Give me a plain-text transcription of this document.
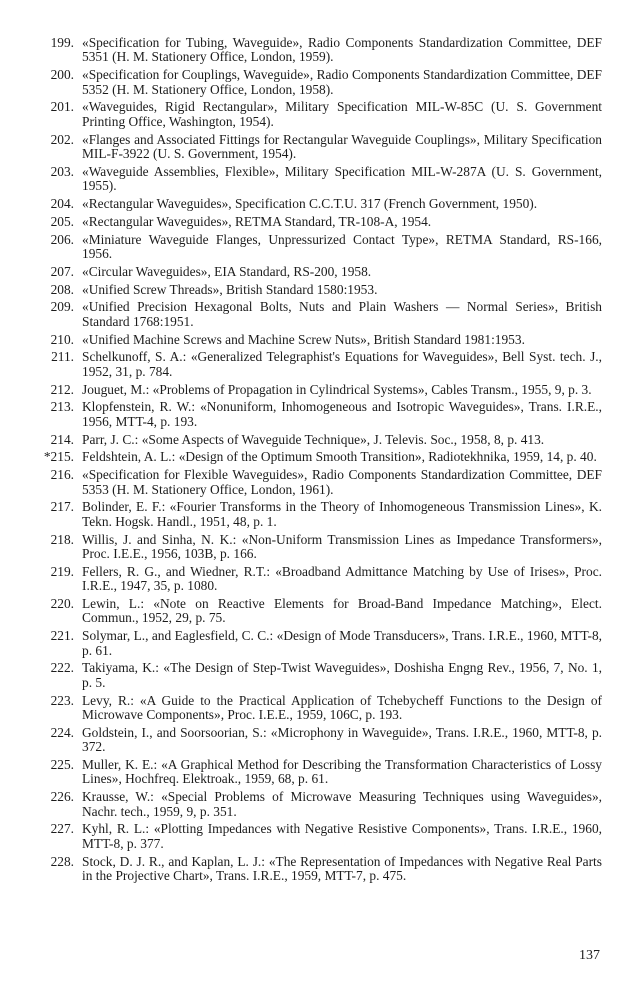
199. «Specification for Tubing, Waveguide», Radio Components Standardization Committee, DEF 5351 (H. M. Stationery Office, London, 1959).
200. «Specification for Couplings, Waveguide», Radio Components Standardization Committee, DEF 5352 (H. M. Stationery Office, London, 1958).
201. «Waveguides, Rigid Rectangular», Military Specification MIL-W-85C (U. S. Government Printing Office, Washington, 1954).
202. «Flanges and Associated Fittings for Rectangular Waveguide Couplings», Military Specification MIL-F-3922 (U. S. Government, 1954).
203. «Waveguide Assemblies, Flexible», Military Specification MIL-W-287A (U. S. Government, 1955).
204. «Rectangular Waveguides», Specification C.C.T.U. 317 (French Government, 1950).
205. «Rectangular Waveguides», RETMA Standard, TR-108-A, 1954.
206. «Miniature Waveguide Flanges, Unpressurized Contact Type», RETMA Standard, RS-166, 1956.
207. «Circular Waveguides», EIA Standard, RS-200, 1958.
208. «Unified Screw Threads», British Standard 1580:1953.
209. «Unified Precision Hexagonal Bolts, Nuts and Plain Washers — Normal Series», British Standard 1768:1951.
210. «Unified Machine Screws and Machine Screw Nuts», British Standard 1981:1953.
211. Schelkunoff, S. A.: «Generalized Telegraphist's Equations for Waveguides», Bell Syst. tech. J., 1952, 31, p. 784.
212. Jouguet, M.: «Problems of Propagation in Cylindrical Systems», Cables Transm., 1955, 9, p. 3.
213. Klopfenstein, R. W.: «Nonuniform, Inhomogeneous and Isotropic Waveguides», Trans. I.R.E., 1956, MTT-4, p. 193.
214. Parr, J. C.: «Some Aspects of Waveguide Technique», J. Televis. Soc., 1958, 8, p. 413.
*215. Feldshtein, A. L.: «Design of the Optimum Smooth Transition», Radiotekhnika, 1959, 14, p. 40.
216. «Specification for Flexible Waveguides», Radio Components Standardization Committee, DEF 5353 (H. M. Stationery Office, London, 1961).
217. Bolinder, E. F.: «Fourier Transforms in the Theory of Inhomogeneous Transmission Lines», K. Tekn. Hogsk. Handl., 1951, 48, p. 1.
218. Willis, J. and Sinha, N. K.: «Non-Uniform Transmission Lines as Impedance Transformers», Proc. I.E.E., 1956, 103B, p. 166.
219. Fellers, R. G., and Wiedner, R.T.: «Broadband Admittance Matching by Use of Irises», Proc. I.R.E., 1947, 35, p. 1080.
220. Lewin, L.: «Note on Reactive Elements for Broad-Band Impedance Matching», Elect. Commun., 1952, 29, p. 75.
221. Solymar, L., and Eaglesfield, C. C.: «Design of Mode Transducers», Trans. I.R.E., 1960, MTT-8, p. 61.
222. Takiyama, K.: «The Design of Step-Twist Waveguides», Doshisha Engng Rev., 1956, 7, No. 1, p. 5.
223. Levy, R.: «A Guide to the Practical Application of Tchebycheff Functions to the Design of Microwave Components», Proc. I.E.E., 1959, 106C, p. 193.
224. Goldstein, I., and Soorsoorian, S.: «Microphony in Waveguide», Trans. I.R.E., 1960, MTT-8, p. 372.
225. Muller, K. E.: «A Graphical Method for Describing the Transformation Characteristics of Lossy Lines», Hochfreq. Elektroak., 1959, 68, p. 61.
226. Krausse, W.: «Special Problems of Microwave Measuring Techniques using Waveguides», Nachr. tech., 1959, 9, p. 351.
227. Kyhl, R. L.: «Plotting Impedances with Negative Resistive Components», Trans. I.R.E., 1960, MTT-8, p. 377.
228. Stock, D. J. R., and Kaplan, L. J.: «The Representation of Impedances with Negative Real Parts in the Projective Chart», Trans. I.R.E., 1959, MTT-7, p. 475.
137
